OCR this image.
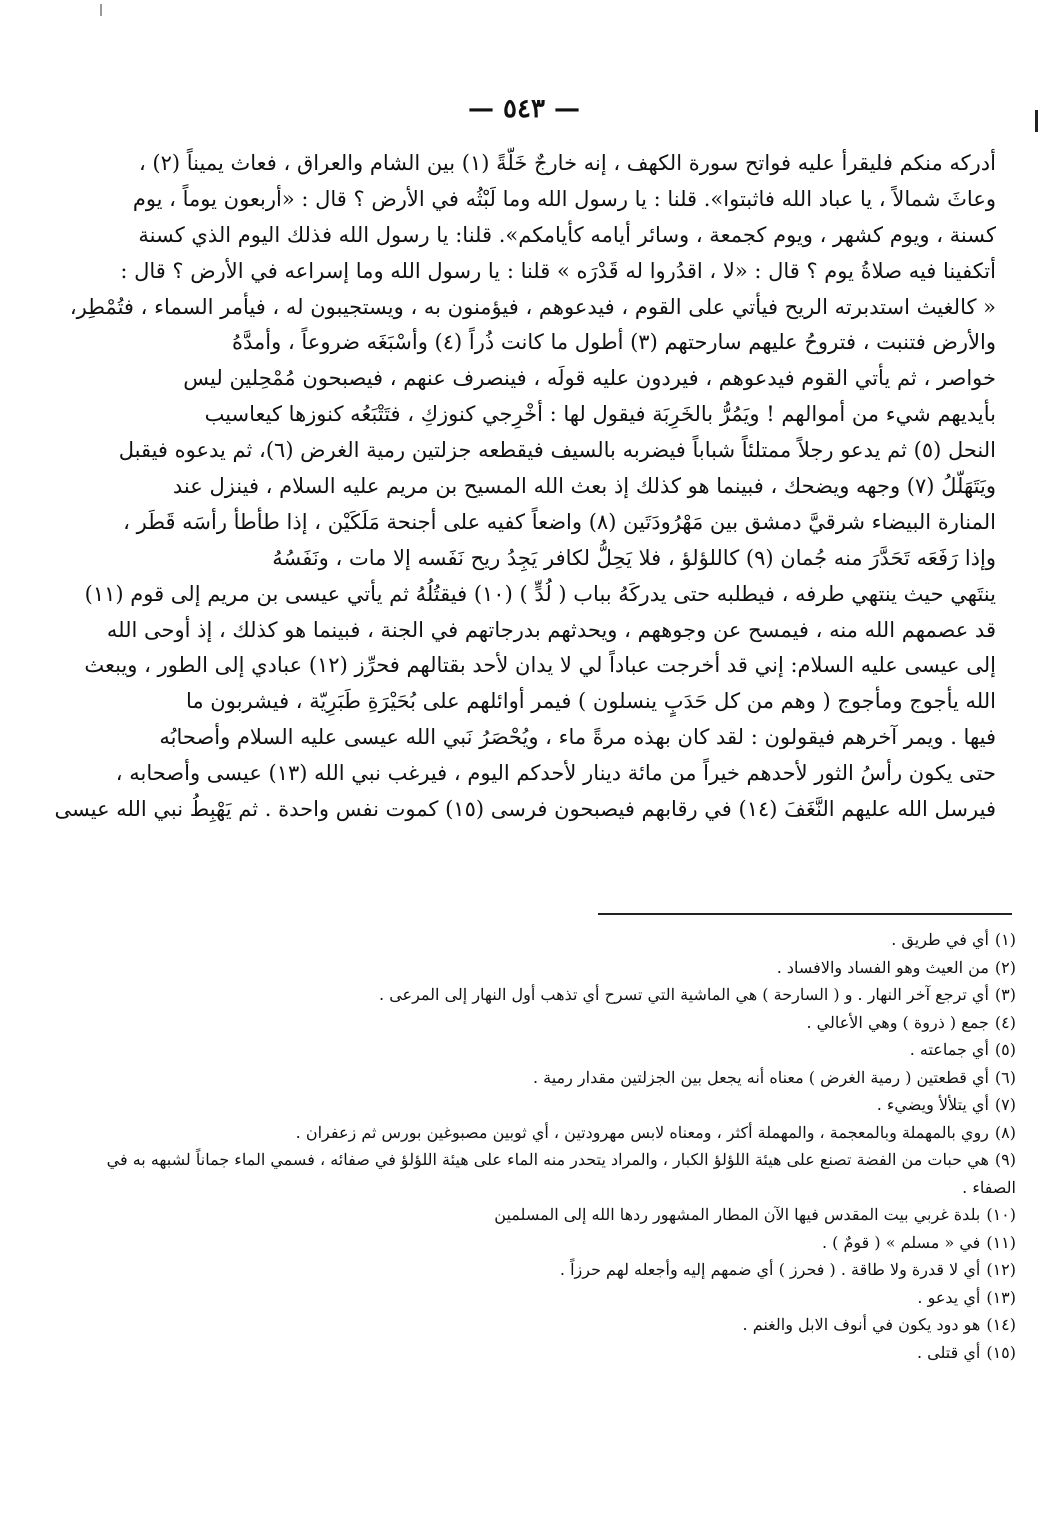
— ٥٤٣ —
أدركه منكم فليقرأ عليه فواتح سورة الكهف ، إنه خارجٌ خَلّةً (١) بين الشام والعراق ، فعاث يميناً (٢) ،
وعاثَ شمالاً ، يا عباد الله فاثبتوا». قلنا : يا رسول الله وما لَبْثُه في الأرض ؟ قال : «أربعون يوماً ، يوم
كسنة ، ويوم كشهر ، ويوم كجمعة ، وسائر أيامه كأيامكم». قلنا: يا رسول الله فذلك اليوم الذي كسنة
أتكفينا فيه صلاةُ يوم ؟ قال : «لا ، اقدُروا له قَدْرَه » قلنا : يا رسول الله وما إسراعه في الأرض ؟ قال :
« كالغيث استدبرته الريح فيأتي على القوم ، فيدعوهم ، فيؤمنون به ، ويستجيبون له ، فيأمر السماء ، فتُمْطِر،
والأرض فتنبت ، فتروحُ عليهم سارحتهم (٣) أطول ما كانت ذُراً (٤) وأسْبَغَه ضروعاً ، وأمدَّهُ
خواصر ، ثم يأتي القوم فيدعوهم ، فيردون عليه قولَه ، فينصرف عنهم ، فيصبحون مُمْحِلين ليس
بأيديهم شيء من أموالهم ! ويَمُرُّ بالخَرِبَة فيقول لها : أخْرِجي كنوزكِ ، فتَتْبَعُه كنوزها كيعاسيب
النحل (٥) ثم يدعو رجلاً ممتلئاً شباباً فيضربه بالسيف فيقطعه جزلتين رمية الغرض (٦)، ثم يدعوه فيقبل
ويَتَهَلّلُ (٧) وجهه ويضحك ، فبينما هو كذلك إذ بعث الله المسيح بن مريم عليه السلام ، فينزل عند
المنارة البيضاء شرقيَّ دمشق بين مَهْرُودَتَين (٨) واضعاً كفيه على أجنحة مَلَكَيْن ، إذا طأطأ رأسَه قَطَر ،
وإذا رَفَعَه تَحَدَّرَ منه جُمان (٩) كاللؤلؤ ، فلا يَحِلُّ لكافر يَجِدُ ريح نَفَسه إلا مات ، ونَفَسُهُ
ينتَهي حيث ينتهي طرفه ، فيطلبه حتى يدركَهُ بباب ( لُدٍّ ) (١٠) فيقتُلُهُ ثم يأتي عيسى بن مريم إلى قوم (١١)
قد عصمهم الله منه ، فيمسح عن وجوههم ، ويحدثهم بدرجاتهم في الجنة ، فبينما هو كذلك ، إذ أوحى الله
إلى عيسى عليه السلام: إني قد أخرجت عباداً لي لا يدان لأحد بقتالهم فحرِّز (١٢) عبادي إلى الطور ، ويبعث
الله يأجوج ومأجوج ( وهم من كل حَدَبٍ ينسلون ) فيمر أوائلهم على بُحَيْرَةِ طَبَرِيّة ، فيشربون ما
فيها . ويمر آخرهم فيقولون : لقد كان بهذه مرةً ماء ، ويُحْصَرُ نَبي الله عيسى عليه السلام وأصحابُه
حتى يكون رأسُ الثور لأحدهم خيراً من مائة دينار لأحدكم اليوم ، فيرغب نبي الله (١٣) عيسى وأصحابه ،
فيرسل الله عليهم النَّغَفَ (١٤) في رقابهم فيصبحون فرسى (١٥) كموت نفس واحدة . ثم يَهْبِطُ نبي الله عيسى
(١)أي في طريق .
(٢)من العيث وهو الفساد والافساد .
(٣)أي ترجع آخر النهار . و ( السارحة ) هي الماشية التي تسرح أي تذهب أول النهار إلى المرعى .
(٤)جمع ( ذروة ) وهي الأعالي .
(٥)أي جماعته .
(٦)أي قطعتين ( رمية الغرض ) معناه أنه يجعل بين الجزلتين مقدار رمية .
(٧)أي يتلألأ ويضيء .
(٨)روي بالمهملة وبالمعجمة ، والمهملة أكثر ، ومعناه لابس مهرودتين ، أي ثوبين مصبوغين بورس ثم زعفران .
(٩)هي حبات من الفضة تصنع على هيئة اللؤلؤ الكبار ، والمراد يتحدر منه الماء على هيئة اللؤلؤ في صفائه ، فسمي الماء جماناً لشبهه به في الصفاء .
(١٠)بلدة غربي بيت المقدس فيها الآن المطار المشهور ردها الله إلى المسلمين
(١١)في « مسلم » ( قومٌ ) .
(١٢)أي لا قدرة ولا طاقة . ( فحرز ) أي ضمهم إليه وأجعله لهم حرزاً .
(١٣)أي يدعو .
(١٤)هو دود يكون في أنوف الابل والغنم .
(١٥)أي قتلى .
